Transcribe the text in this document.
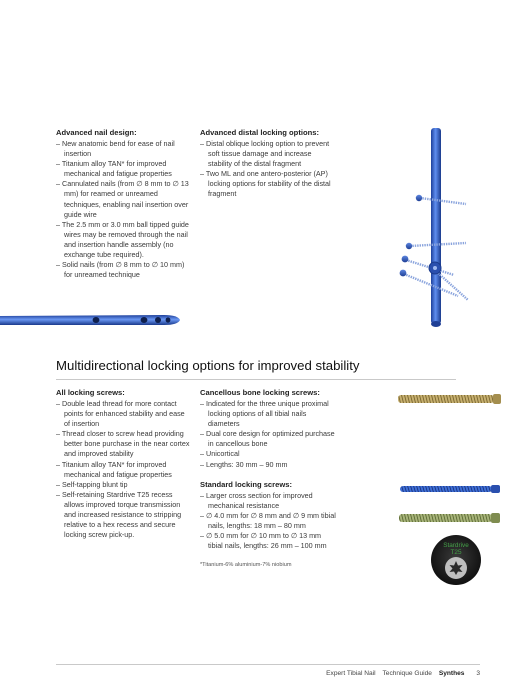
Advanced nail design:

– New anatomic bend for ease of nail insertion
– Titanium alloy TAN* for improved mechanical and fatigue properties
– Cannulated nails (from ∅ 8 mm to ∅ 13 mm) for reamed or unreamed techniques, enabling nail insertion over guide wire
– The 2.5 mm or 3.0 mm ball tipped guide wires may be removed through the nail and insertion handle assembly (no exchange tube required).
– Solid nails (from ∅ 8 mm to ∅ 10 mm) for unreamed technique

Advanced distal locking options:

– Distal oblique locking option to prevent soft tissue damage and increase stability of the distal fragment
– Two ML and one antero-posterior (AP) locking options for stability of the distal fragment
Multidirectional locking options for improved stability

All locking screws:

– Double lead thread for more contact points for enhanced stability and ease of insertion
– Thread closer to screw head providing better bone purchase in the near cortex and improved stability
– Titanium alloy TAN* for improved mechanical and fatigue properties
– Self-tapping blunt tip
– Self-retaining Stardrive T25 recess allows improved torque transmission and increased resistance to stripping relative to a hex recess and secure locking screw pick-up.

Cancellous bone locking screws:

– Indicated for the three unique proximal locking options of all tibial nails diameters
– Dual core design for optimized purchase in cancellous bone
– Unicortical
– Lengths: 30 mm – 90 mm

Standard locking screws:

– Larger cross section for improved mechanical resistance
– ∅ 4.0 mm for ∅ 8 mm and ∅ 9 mm tibial nails, lengths: 18 mm – 80 mm
– ∅ 5.0 mm for ∅ 10 mm to ∅ 13 mm tibial nails, lengths: 26 mm – 100 mm

*Titanium-6% aluminium-7% niobium

Stardrive
T25
Expert Tibial Nail Technique Guide Synthes 3
